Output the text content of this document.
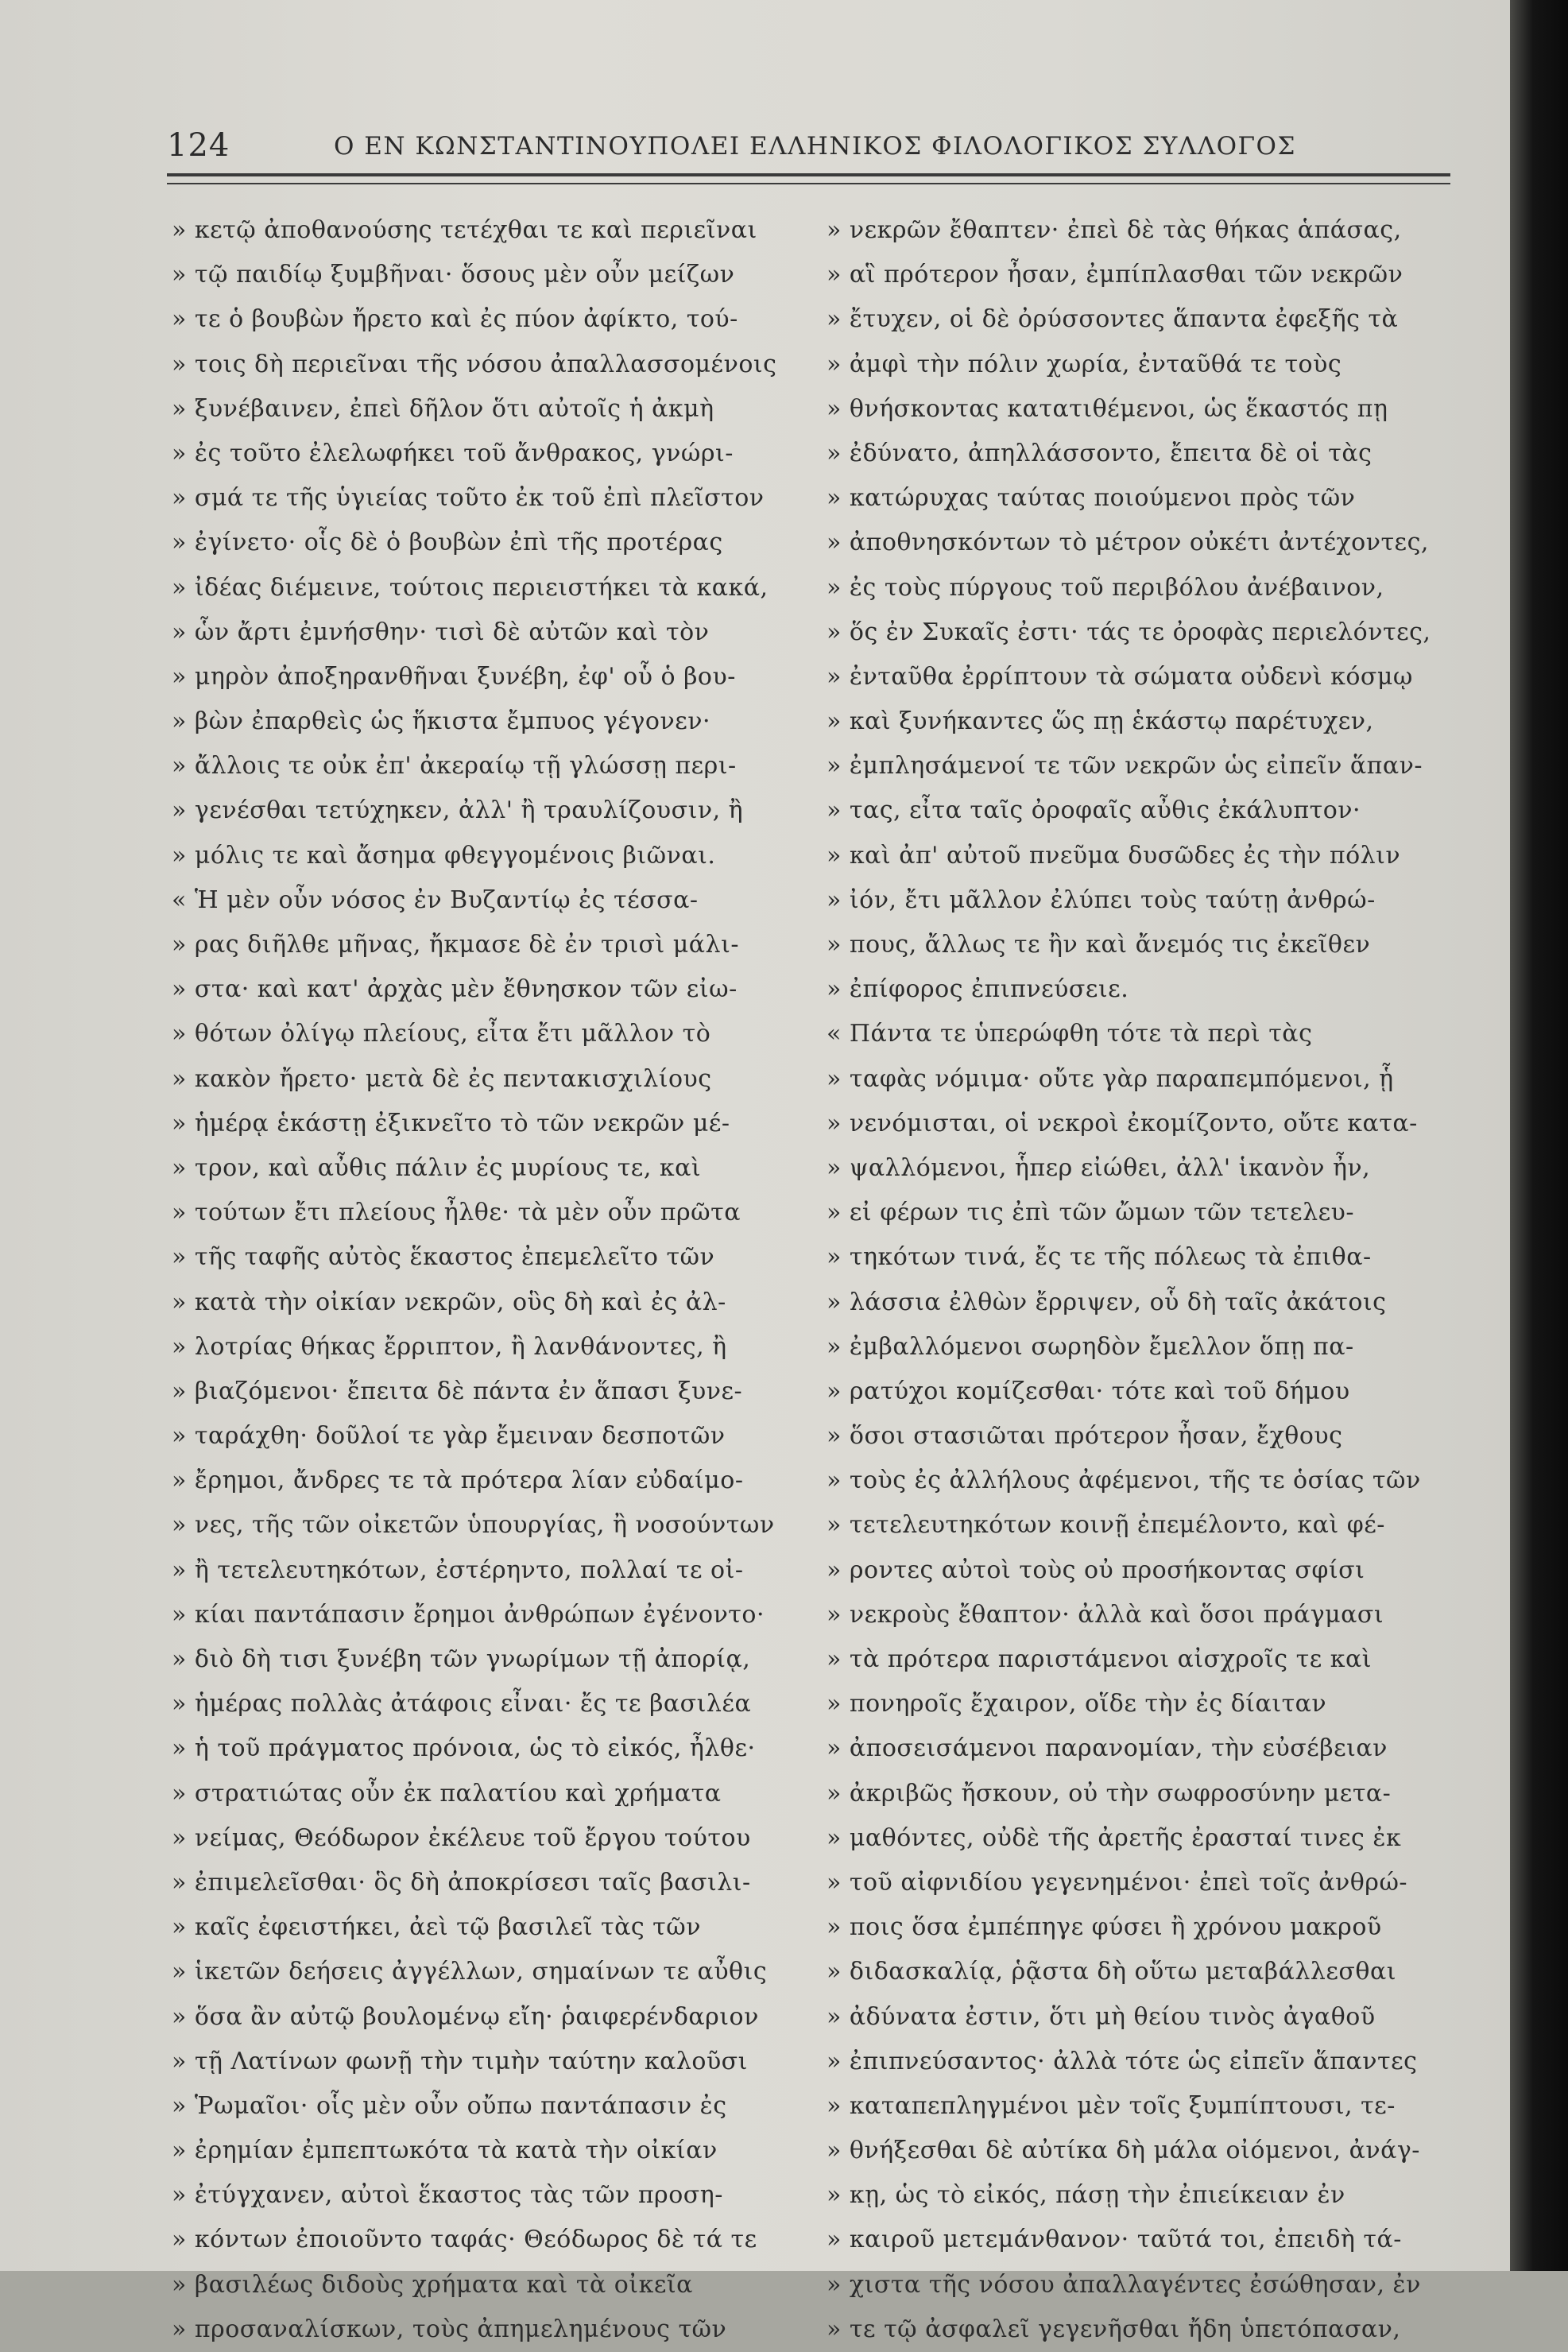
124	Ο ΕΝ ΚΩΝΣΤΑΝΤΙΝΟΥΠΟΛΕΙ ΕΛΛΗΝΙΚΟΣ ΦΙΛΟΛΟΓΙΚΟΣ ΣΥΛΛΟΓΟΣ
» κετῷ ἀποθανούσης τετέχθαι τε καὶ περιεῖναι
» τῷ παιδίῳ ξυμβῆναι· ὅσους μὲν οὖν μείζων
» τε ὁ βουβὼν ἤρετο καὶ ἐς πύον ἀφίκτο, τού-
» τοις δὴ περιεῖναι τῆς νόσου ἀπαλλασσομένοις
» ξυνέβαινεν, ἐπεὶ δῆλον ὅτι αὐτοῖς ἡ ἀκμὴ
» ἐς τοῦτο ἐλελωφήκει τοῦ ἄνθρακος, γνώρι-
» σμά τε τῆς ὑγιείας τοῦτο ἐκ τοῦ ἐπὶ πλεῖστον
» ἐγίνετο· οἷς δὲ ὁ βουβὼν ἐπὶ τῆς προτέρας
» ἰδέας διέμεινε, τούτοις περιειστήκει τὰ κακά,
» ὧν ἄρτι ἐμνήσθην· τισὶ δὲ αὐτῶν καὶ τὸν
» μηρὸν ἀποξηρανθῆναι ξυνέβη, ἐφ' οὗ ὁ βου-
» βὼν ἐπαρθεὶς ὡς ἥκιστα ἔμπυος γέγονεν·
» ἄλλοις τε οὐκ ἐπ' ἀκεραίῳ τῇ γλώσσῃ περι-
» γενέσθαι τετύχηκεν, ἀλλ' ἢ τραυλίζουσιν, ἢ
» μόλις τε καὶ ἄσημα φθεγγομένοις βιῶναι.
« Ἡ μὲν οὖν νόσος ἐν Βυζαντίῳ ἐς τέσσα-
» ρας διῆλθε μῆνας, ἤκμασε δὲ ἐν τρισὶ μάλι-
» στα· καὶ κατ' ἀρχὰς μὲν ἔθνησκον τῶν εἰω-
» θότων ὀλίγῳ πλείους, εἶτα ἔτι μᾶλλον τὸ
» κακὸν ἤρετο· μετὰ δὲ ἐς πεντακισχιλίους
» ἡμέρᾳ ἑκάστῃ ἐξικνεῖτο τὸ τῶν νεκρῶν μέ-
» τρον, καὶ αὖθις πάλιν ἐς μυρίους τε, καὶ
» τούτων ἔτι πλείους ἦλθε· τὰ μὲν οὖν πρῶτα
» τῆς ταφῆς αὐτὸς ἕκαστος ἐπεμελεῖτο τῶν
» κατὰ τὴν οἰκίαν νεκρῶν, οὓς δὴ καὶ ἐς ἀλ-
» λοτρίας θήκας ἔρριπτον, ἢ λανθάνοντες, ἢ
» βιαζόμενοι· ἔπειτα δὲ πάντα ἐν ἅπασι ξυνε-
» ταράχθη· δοῦλοί τε γὰρ ἔμειναν δεσποτῶν
» ἔρημοι, ἄνδρες τε τὰ πρότερα λίαν εὐδαίμο-
» νες, τῆς τῶν οἰκετῶν ὑπουργίας, ἢ νοσούντων
» ἢ τετελευτηκότων, ἐστέρηντο, πολλαί τε οἰ-
» κίαι παντάπασιν ἔρημοι ἀνθρώπων ἐγένοντο·
» διὸ δὴ τισι ξυνέβη τῶν γνωρίμων τῇ ἀπορίᾳ,
» ἡμέρας πολλὰς ἀτάφοις εἶναι· ἔς τε βασιλέα
» ἡ τοῦ πράγματος πρόνοια, ὡς τὸ εἰκός, ἦλθε·
» στρατιώτας οὖν ἐκ παλατίου καὶ χρήματα
» νείμας, Θεόδωρον ἐκέλευε τοῦ ἔργου τούτου
» ἐπιμελεῖσθαι· ὃς δὴ ἀποκρίσεσι ταῖς βασιλι-
» καῖς ἐφειστήκει, ἀεὶ τῷ βασιλεῖ τὰς τῶν
» ἱκετῶν δεήσεις ἀγγέλλων, σημαίνων τε αὖθις
» ὅσα ἂν αὐτῷ βουλομένῳ εἴη· ῥαιφερένδαριον
» τῇ Λατίνων φωνῇ τὴν τιμὴν ταύτην καλοῦσι
» Ῥωμαῖοι· οἷς μὲν οὖν οὔπω παντάπασιν ἐς
» ἐρημίαν ἐμπεπτωκότα τὰ κατὰ τὴν οἰκίαν
» ἐτύγχανεν, αὐτοὶ ἕκαστος τὰς τῶν προση-
» κόντων ἐποιοῦντο ταφάς· Θεόδωρος δὲ τά τε
» βασιλέως διδοὺς χρήματα καὶ τὰ οἰκεῖα
» προσαναλίσκων, τοὺς ἀπημελημένους τῶν
» νεκρῶν ἔθαπτεν· ἐπεὶ δὲ τὰς θήκας ἁπάσας,
» αἳ πρότερον ἦσαν, ἐμπίπλασθαι τῶν νεκρῶν
» ἔτυχεν, οἱ δὲ ὀρύσσοντες ἅπαντα ἐφεξῆς τὰ
» ἀμφὶ τὴν πόλιν χωρία, ἐνταῦθά τε τοὺς
» θνήσκοντας κατατιθέμενοι, ὡς ἕκαστός πῃ
» ἐδύνατο, ἀπηλλάσσοντο, ἔπειτα δὲ οἱ τὰς
» κατώρυχας ταύτας ποιούμενοι πρὸς τῶν
» ἀποθνησκόντων τὸ μέτρον οὐκέτι ἀντέχοντες,
» ἐς τοὺς πύργους τοῦ περιβόλου ἀνέβαινον,
» ὅς ἐν Συκαῖς ἐστι· τάς τε ὀροφὰς περιελόντες,
» ἐνταῦθα ἐρρίπτουν τὰ σώματα οὐδενὶ κόσμῳ
» καὶ ξυνήκαντες ὥς πῃ ἑκάστῳ παρέτυχεν,
» ἐμπλησάμενοί τε τῶν νεκρῶν ὡς εἰπεῖν ἅπαν-
» τας, εἶτα ταῖς ὀροφαῖς αὖθις ἐκάλυπτον·
» καὶ ἀπ' αὐτοῦ πνεῦμα δυσῶδες ἐς τὴν πόλιν
» ἰόν, ἔτι μᾶλλον ἐλύπει τοὺς ταύτῃ ἀνθρώ-
» πους, ἄλλως τε ἢν καὶ ἄνεμός τις ἐκεῖθεν
» ἐπίφορος ἐπιπνεύσειε.
« Πάντα τε ὑπερώφθη τότε τὰ περὶ τὰς
» ταφὰς νόμιμα· οὔτε γὰρ παραπεμπόμενοι, ᾗ
» νενόμισται, οἱ νεκροὶ ἐκομίζοντο, οὔτε κατα-
» ψαλλόμενοι, ἧπερ εἰώθει, ἀλλ' ἱκανὸν ἦν,
» εἰ φέρων τις ἐπὶ τῶν ὤμων τῶν τετελευ-
» τηκότων τινά, ἔς τε τῆς πόλεως τὰ ἐπιθα-
» λάσσια ἐλθὼν ἔρριψεν, οὗ δὴ ταῖς ἀκάτοις
» ἐμβαλλόμενοι σωρηδὸν ἔμελλον ὅπῃ πα-
» ρατύχοι κομίζεσθαι· τότε καὶ τοῦ δήμου
» ὅσοι στασιῶται πρότερον ἦσαν, ἔχθους
» τοὺς ἐς ἀλλήλους ἀφέμενοι, τῆς τε ὁσίας τῶν
» τετελευτηκότων κοινῇ ἐπεμέλοντο, καὶ φέ-
» ροντες αὐτοὶ τοὺς οὐ προσήκοντας σφίσι
» νεκροὺς ἔθαπτον· ἀλλὰ καὶ ὅσοι πράγμασι
» τὰ πρότερα παριστάμενοι αἰσχροῖς τε καὶ
» πονηροῖς ἔχαιρον, οἵδε τὴν ἐς δίαιταν
» ἀποσεισάμενοι παρανομίαν, τὴν εὐσέβειαν
» ἀκριβῶς ἤσκουν, οὐ τὴν σωφροσύνην μετα-
» μαθόντες, οὐδὲ τῆς ἀρετῆς ἐρασταί τινες ἐκ
» τοῦ αἰφνιδίου γεγενημένοι· ἐπεὶ τοῖς ἀνθρώ-
» ποις ὅσα ἐμπέπηγε φύσει ἢ χρόνου μακροῦ
» διδασκαλίᾳ, ῥᾷστα δὴ οὕτω μεταβάλλεσθαι
» ἀδύνατα ἐστιν, ὅτι μὴ θείου τινὸς ἀγαθοῦ
» ἐπιπνεύσαντος· ἀλλὰ τότε ὡς εἰπεῖν ἅπαντες
» καταπεπληγμένοι μὲν τοῖς ξυμπίπτουσι, τε-
» θνήξεσθαι δὲ αὐτίκα δὴ μάλα οἰόμενοι, ἀνάγ-
» κῃ, ὡς τὸ εἰκός, πάσῃ τὴν ἐπιείκειαν ἐν
» καιροῦ μετεμάνθανον· ταῦτά τοι, ἐπειδὴ τά-
» χιστα τῆς νόσου ἀπαλλαγέντες ἐσώθησαν, ἐν
» τε τῷ ἀσφαλεῖ γεγενῆσθαι ἤδη ὑπετόπασαν,
